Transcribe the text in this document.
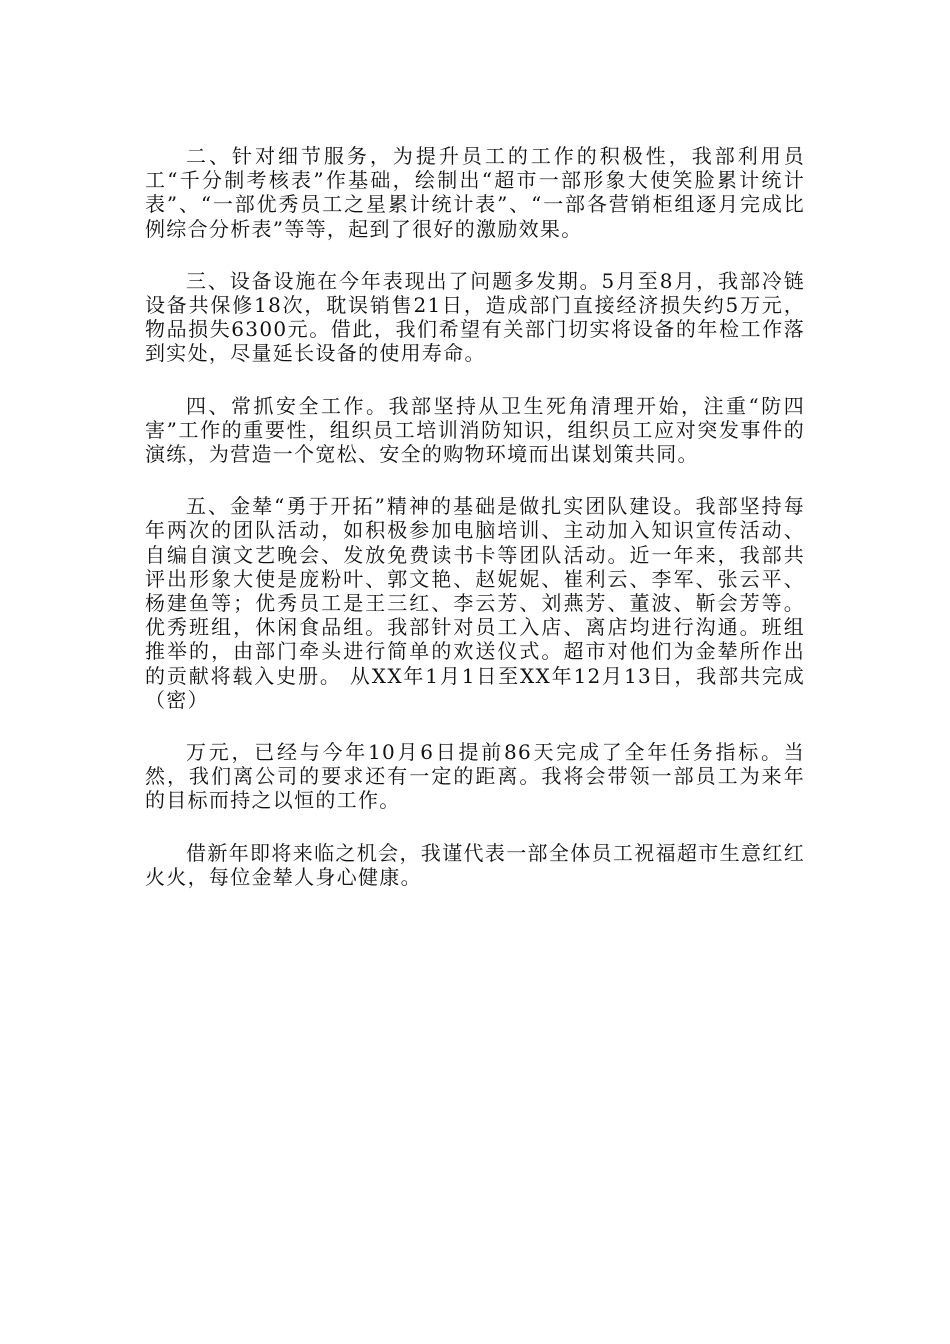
二、针对细节服务，为提升员工的工作的积极性，我部利用员工“千分制考核表”作基础，绘制出“超市一部形象大使笑脸累计统计表”、“一部优秀员工之星累计统计表”、“一部各营销柜组逐月完成比例综合分析表”等等，起到了很好的激励效果。

三、设备设施在今年表现出了问题多发期。5月至8月，我部冷链设备共保修18次，耽误销售21日，造成部门直接经济损失约5万元，物品损失6300元。借此，我们希望有关部门切实将设备的年检工作落到实处，尽量延长设备的使用寿命。

四、常抓安全工作。我部坚持从卫生死角清理开始，注重“防四害”工作的重要性，组织员工培训消防知识，组织员工应对突发事件的演练，为营造一个宽松、安全的购物环境而出谋划策共同。

五、金辇“勇于开拓”精神的基础是做扎实团队建设。我部坚持每年两次的团队活动，如积极参加电脑培训、主动加入知识宣传活动、自编自演文艺晚会、发放免费读书卡等团队活动。近一年来，我部共评出形象大使是庞粉叶、郭文艳、赵妮妮、崔利云、李军、张云平、杨建鱼等；优秀员工是王三红、李云芳、刘燕芳、董波、靳会芳等。优秀班组，休闲食品组。我部针对员工入店、离店均进行沟通。班组推举的，由部门牵头进行简单的欢送仪式。超市对他们为金辇所作出的贡献将载入史册。 从XX年1月1日至XX年12月13日，我部共完成（密）

万元，已经与今年10月6日提前86天完成了全年任务指标。当然，我们离公司的要求还有一定的距离。我将会带领一部员工为来年的目标而持之以恒的工作。

借新年即将来临之机会，我谨代表一部全体员工祝福超市生意红红火火，每位金辇人身心健康。
